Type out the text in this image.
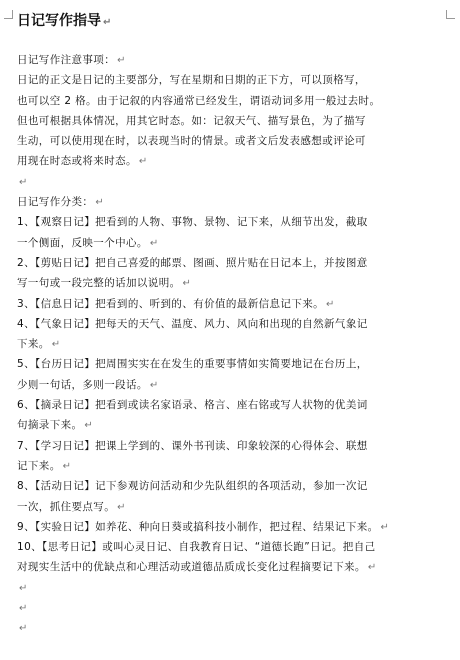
日记写作指导 ↵
日记写作注意事项： ↵
日记的正文是日记的主要部分，写在星期和日期的正下方，可以顶格写，
也可以空 2 格。由于记叙的内容通常已经发生，谓语动词多用一般过去时。
但也可根据具体情况，用其它时态。如：记叙天气、描写景色，为了描写
生动，可以使用现在时，以表现当时的情景。或者文后发表感想或评论可
用现在时态或将来时态。 ↵
↵
日记写作分类： ↵
1、【观察日记】把看到的人物、事物、景物、记下来，从细节出发，截取
一个侧面，反映一个中心。 ↵
2、【剪贴日记】把自己喜爱的邮票、图画、照片贴在日记本上，并按图意
写一句或一段完整的话加以说明。 ↵
3、【信息日记】把看到的、听到的、有价值的最新信息记下来。 ↵
4、【气象日记】把每天的天气、温度、风力、风向和出现的自然新气象记
下来。 ↵
5、【台历日记】把周围实实在在发生的重要事情如实简要地记在台历上，
少则一句话，多则一段话。 ↵
6、【摘录日记】把看到或读名家语录、格言、座右铭或写人状物的优美词
句摘录下来。 ↵
7、【学习日记】把课上学到的、课外书刊读、印象较深的心得体会、联想
记下来。 ↵
8、【活动日记】记下参观访问活动和少先队组织的各项活动，参加一次记
一次，抓住要点写。 ↵
9、【实验日记】如养花、种向日葵或搞科技小制作，把过程、结果记下来。 ↵
10、【思考日记】或叫心灵日记、自我教育日记、“道德长跑”日记。把自己
对现实生活中的优缺点和心理活动或道德品质成长变化过程摘要记下来。 ↵
↵
↵
↵
